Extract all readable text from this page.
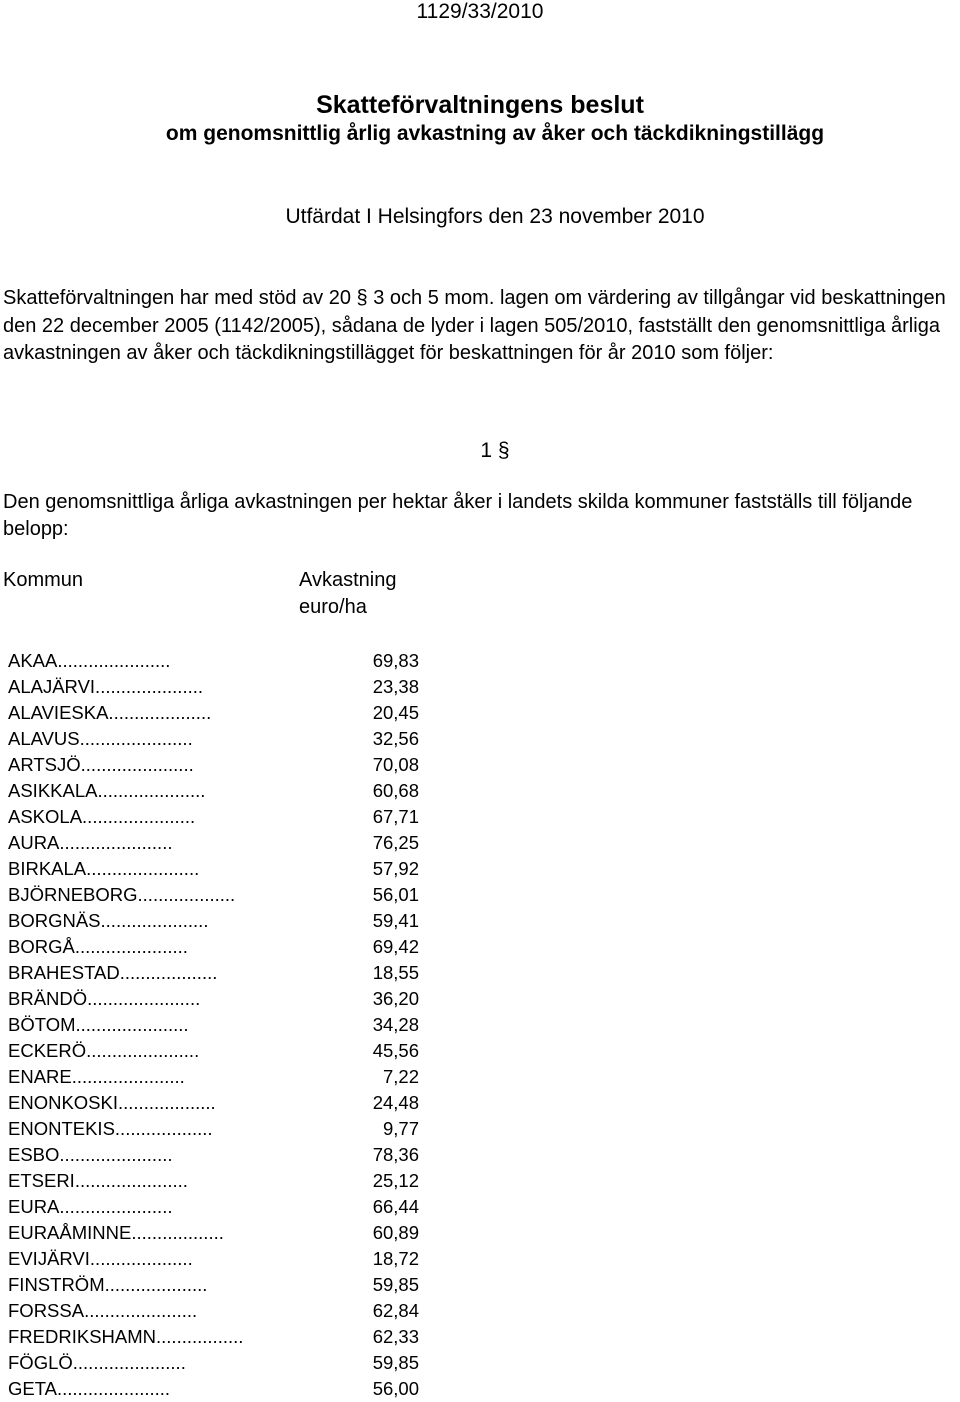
1129/33/2010
Skatteförvaltningens beslut
om genomsnittlig årlig avkastning av åker och täckdikningstillägg
Utfärdat I Helsingfors den 23 november 2010

Skatteförvaltningen har med stöd av 20 § 3 och 5 mom. lagen om värdering av tillgångar vid beskattningen den 22 december 2005 (1142/2005), sådana de lyder i lagen 505/2010, fastställt den genomsnittliga årliga avkastningen av åker och täckdikningstillägget för beskattningen för år 2010 som följer:

1 §

Den genomsnittliga årliga avkastningen per hektar åker i landets skilda kommuner fastställs till följande belopp:

Kommun	Avkastning
euro/ha
AKAA......................	69,83
ALAJÄRVI.....................	23,38
ALAVIESKA....................	20,45
ALAVUS......................	32,56
ARTSJÖ......................	70,08
ASIKKALA.....................	60,68
ASKOLA......................	67,71
AURA......................	76,25
BIRKALA......................	57,92
BJÖRNEBORG...................	56,01
BORGNÄS.....................	59,41
BORGÅ......................	69,42
BRAHESTAD...................	18,55
BRÄNDÖ......................	36,20
BÖTOM......................	34,28
ECKERÖ......................	45,56
ENARE......................	7,22
ENONKOSKI...................	24,48
ENONTEKIS...................	9,77
ESBO......................	78,36
ETSERI......................	25,12
EURA......................	66,44
EURAÅMINNE..................	60,89
EVIJÄRVI....................	18,72
FINSTRÖM....................	59,85
FORSSA......................	62,84
FREDRIKSHAMN.................	62,33
FÖGLÖ......................	59,85
GETA......................	56,00
